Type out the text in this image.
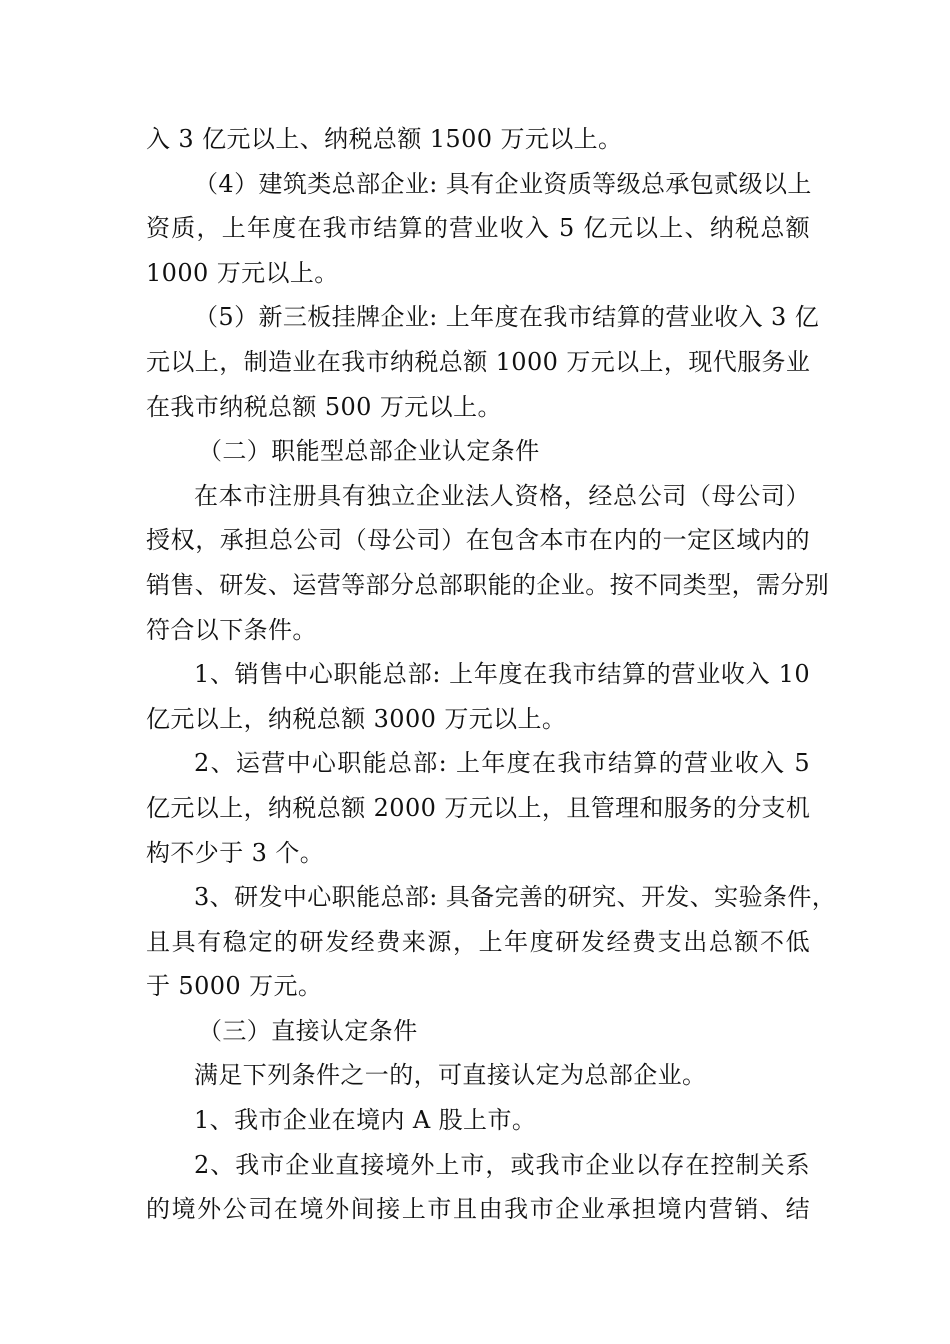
入 3 亿元以上、纳税总额 1500 万元以上。
（4）建筑类总部企业: 具有企业资质等级总承包贰级以上
资质，上年度在我市结算的营业收入 5 亿元以上、纳税总额
1000 万元以上。
（5）新三板挂牌企业: 上年度在我市结算的营业收入 3 亿
元以上，制造业在我市纳税总额 1000 万元以上，现代服务业
在我市纳税总额 500 万元以上。
（二）职能型总部企业认定条件
在本市注册具有独立企业法人资格，经总公司（母公司）
授权，承担总公司（母公司）在包含本市在内的一定区域内的
销售、研发、运营等部分总部职能的企业。按不同类型，需分别
符合以下条件。
1、销售中心职能总部: 上年度在我市结算的营业收入 10
亿元以上，纳税总额 3000 万元以上。
2、运营中心职能总部: 上年度在我市结算的营业收入 5
亿元以上，纳税总额 2000 万元以上，且管理和服务的分支机
构不少于 3 个。
3、研发中心职能总部: 具备完善的研究、开发、实验条件，
且具有稳定的研发经费来源，上年度研发经费支出总额不低
于 5000 万元。
（三）直接认定条件
满足下列条件之一的，可直接认定为总部企业。
1、我市企业在境内 A 股上市。
2、我市企业直接境外上市，或我市企业以存在控制关系
的境外公司在境外间接上市且由我市企业承担境内营销、结
